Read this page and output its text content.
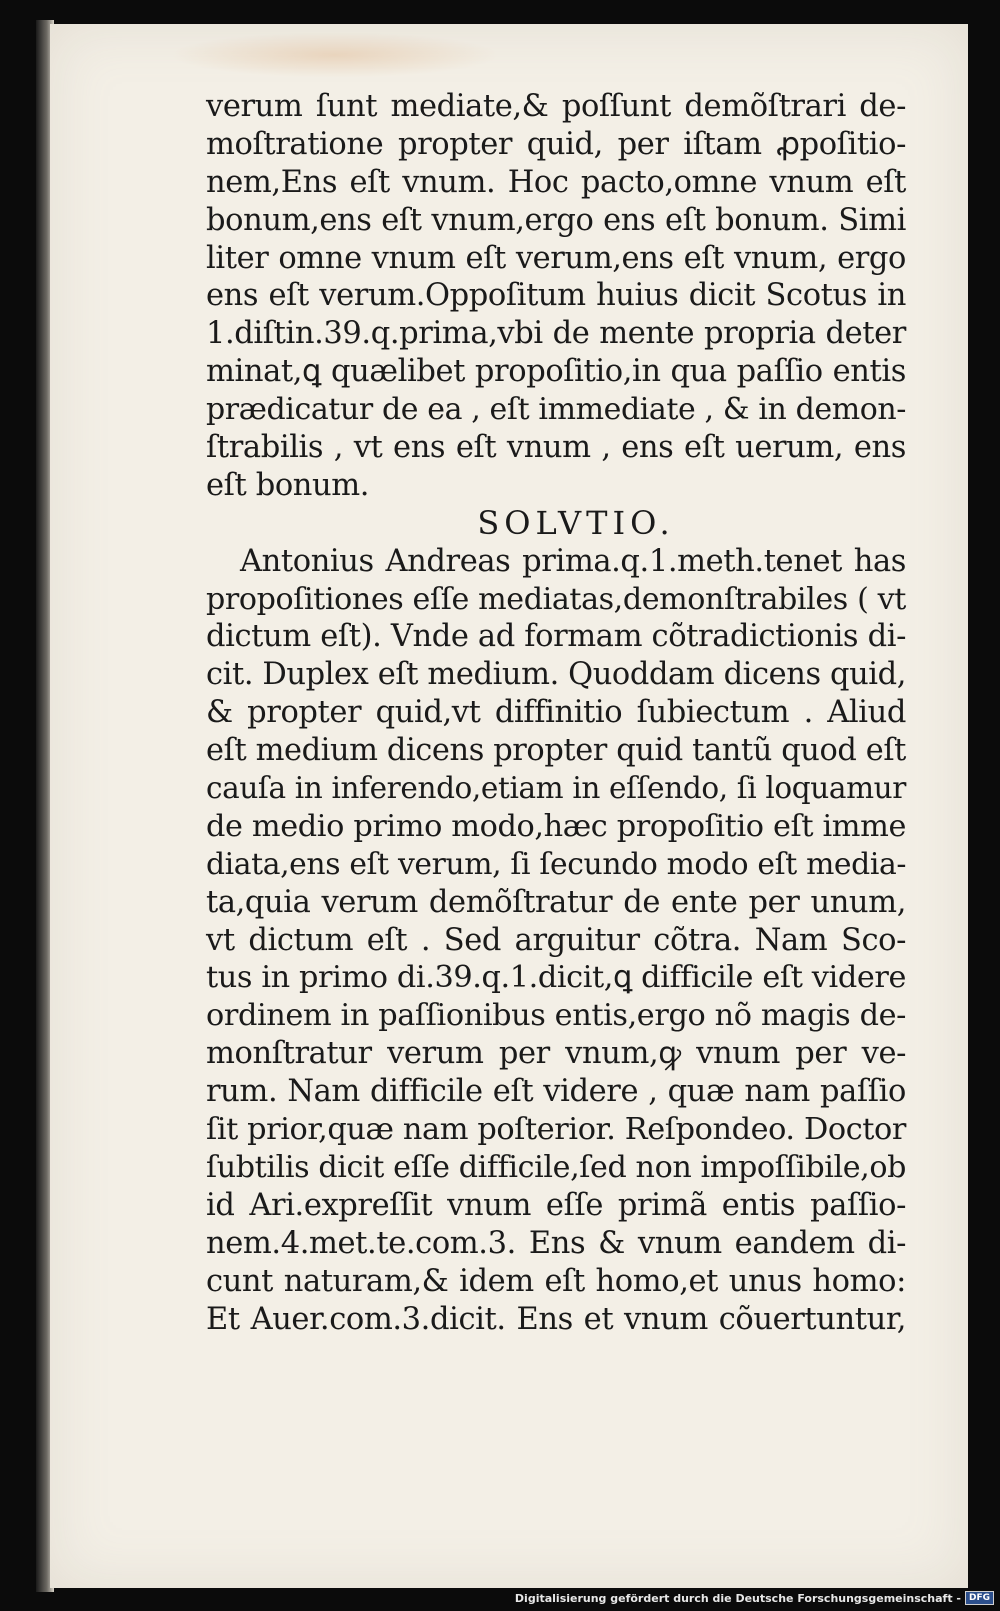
verum ſunt mediate,& poſſunt demõſtrari de-
moſtratione propter quid, per iſtam ꝓpoſitio-
nem,Ens eſt vnum. Hoc pacto,omne vnum eſt
bonum,ens eſt vnum,ergo ens eſt bonum. Simi
liter omne vnum eſt verum,ens eſt vnum, ergo
ens eſt verum.Oppoſitum huius dicit Scotus in
1.diſtin.39.q.prima,vbi de mente propria deter
minat,ꝗ quælibet propoſitio,in qua paſſio entis
prædicatur de ea , eſt immediate , & in demon-
ſtrabilis , vt ens eſt vnum , ens eſt uerum, ens
eſt bonum.
SOLVTIO.
Antonius Andreas prima.q.1.meth.tenet has
propoſitiones eſſe mediatas,demonſtrabiles ( vt
dictum eſt). Vnde ad formam cõtradictionis di-
cit. Duplex eſt medium. Quoddam dicens quid,
& propter quid,vt diffinitio ſubiectum . Aliud
eſt medium dicens propter quid tantũ quod eſt
cauſa in inferendo,etiam in eſſendo, ſi loquamur
de medio primo modo,hæc propoſitio eſt imme
diata,ens eſt verum, ſi ſecundo modo eſt media-
ta,quia verum demõſtratur de ente per unum,
vt dictum eſt . Sed arguitur cõtra. Nam Sco-
tus in primo di.39.q.1.dicit,ꝗ difficile eſt videre
ordinem in paſſionibus entis,ergo nõ magis de-
monſtratur verum per vnum,ꝙ vnum per ve-
rum. Nam difficile eſt videre , quæ nam paſſio
ſit prior,quæ nam poſterior. Reſpondeo. Doctor
ſubtilis dicit eſſe difficile,ſed non impoſſibile,ob
id Ari.expreſſit vnum eſſe primã entis paſſio-
nem.4.met.te.com.3. Ens & vnum eandem di-
cunt naturam,& idem eſt homo,et unus homo:
Et Auer.com.3.dicit. Ens et vnum cõuertuntur,
Digitalisierung gefördert durch die Deutsche Forschungsgemeinschaft - DFG
